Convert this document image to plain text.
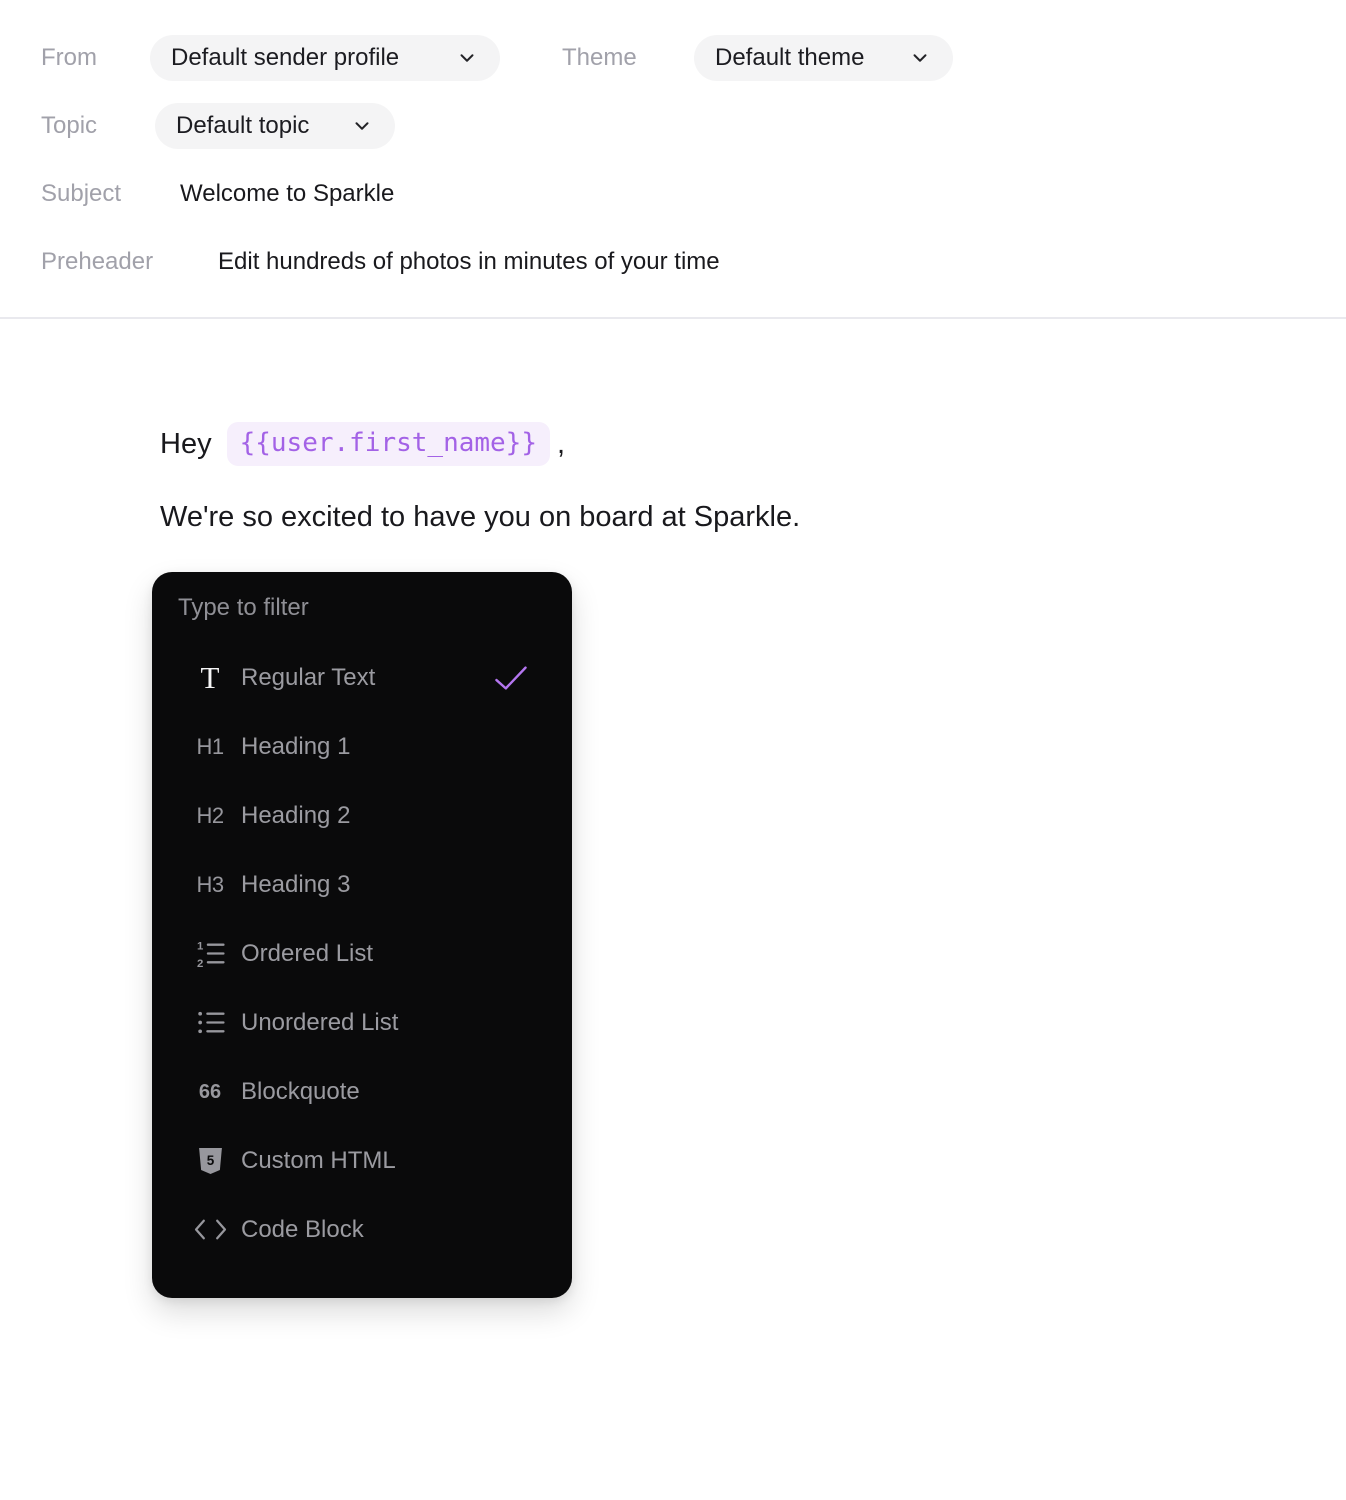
From	Default sender profile	Theme	Default theme
Topic	Default topic
Subject Welcome to Sparkle
Preheader	Edit hundreds of photos in minutes of your time
Hey	{{user.first_name}} ,
We're so excited to have you on board at Sparkle.
Type to filter
T Regular Text
H1 Heading 1
H2 Heading 2
H3 Heading 3
1
2 Ordered List
Unordered List
66 Blockquote
5 Custom HTML
Code Block
